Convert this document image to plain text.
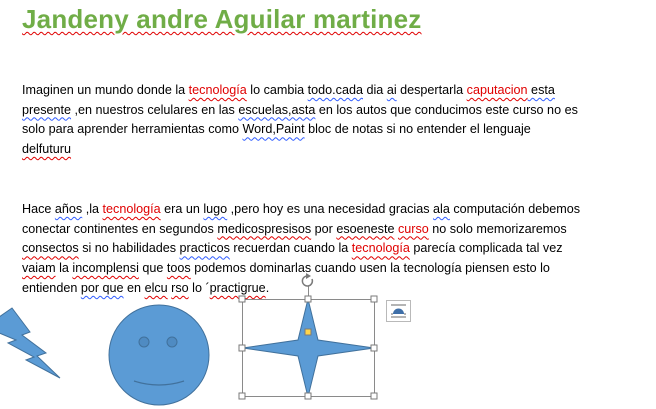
Jandeny andre Aguilar martinez
Imaginen un mundo donde la tecnología lo cambia todo.cada dia ai despertarla caputacion esta
presente ,en nuestros celulares en las escuelas,asta en los autos que conducimos este curso no es
solo para aprender herramientas como Word,Paint bloc de notas si no entender el lenguaje
delfuturu
Hace años ,la tecnología era un lugo ,pero hoy es una necesidad gracias ala computación debemos
conectar continentes en segundos medicospresisos por esoeneste curso no solo memorizaremos
consectos si no habilidades practicos recuerdan cuando la tecnología parecía complicada tal vez
vaiam la incomplensi que toos podemos dominarlas cuando usen la tecnología piensen esto lo
entienden por que en elcu rso lo ´practigrue.
